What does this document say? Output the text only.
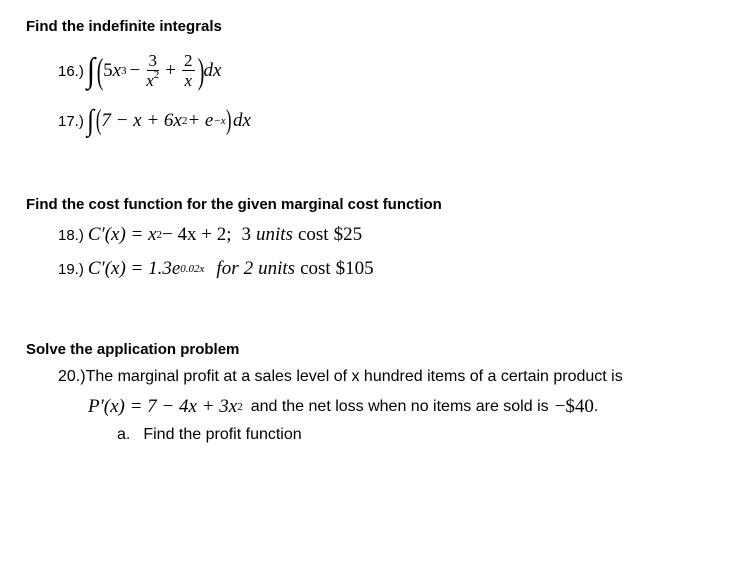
Find the indefinite integrals
16.) ∫ ( 5 x $3 - \frac{3}{x^2} + \frac{2}{x}$ ) dx
17.) ∫ ( 7 − x + 6x 2 + e −x ) dx
Find the cost function for the given marginal cost function
18.) C′(x) = x 2 − 4x + 2; 3 units cost $25
19.) C′(x) = 1.3e 0.02x for 2 units cost $105
Solve the application problem
20.)The marginal profit at a sales level of x hundred items of a certain product is
P′(x) = 7 − 4x + 3x 2 and the net loss when no items are sold is −$40 .
a. Find the profit function
